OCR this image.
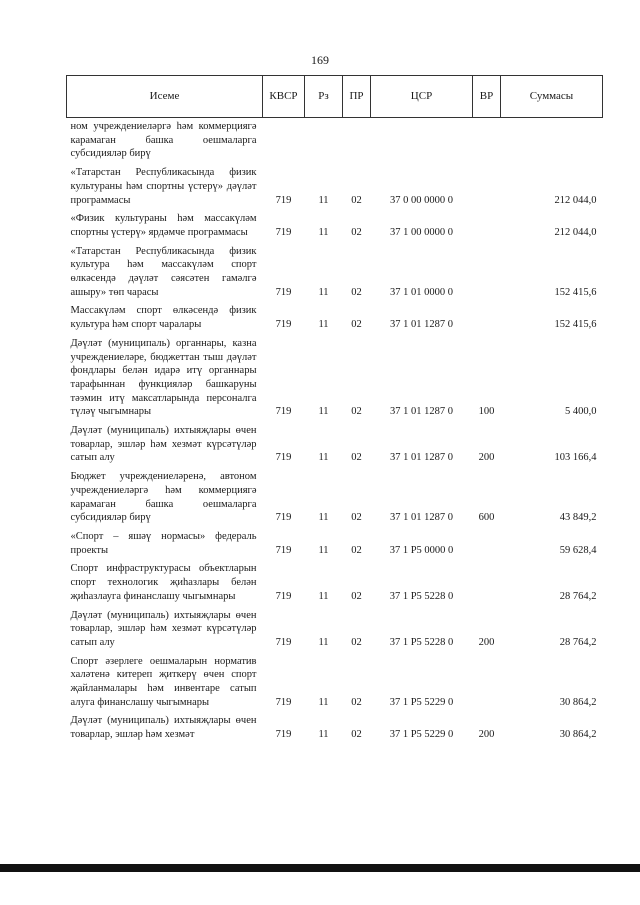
169
Исеме	КВСР	Рз	ПР	ЦСР	ВР	Суммасы
ном учреждениеләргә һәм коммерциягә карамаган башка оешмаларга субсидияләр бирү						
«Татарстан Республикасында физик культураны һәм спортны үстерү» дәүләт программасы	719	11	02	37 0 00 0000 0		212 044,0
«Физик культураны һәм массакүләм спортны үстерү» ярдәмче программасы	719	11	02	37 1 00 0000 0		212 044,0
«Татарстан Республикасында физик культура һәм массакүләм спорт өлкәсендә дәүләт сәясәтен гамәлгә ашыру» төп чарасы	719	11	02	37 1 01 0000 0		152 415,6
Массакүләм спорт өлкәсендә физик культура һәм спорт чаралары	719	11	02	37 1 01 1287 0		152 415,6
Дәүләт (муниципаль) органнары, казна учреждениеләре, бюджеттан тыш дәүләт фондлары белән идарә итү органнары тарафыннан функцияләр башкаруны тәэмин итү максатларында персоналга түләү чыгымнары	719	11	02	37 1 01 1287 0	100	5 400,0
Дәүләт (муниципаль) ихтыяҗлары өчен товарлар, эшләр һәм хезмәт күрсәтүләр сатып алу	719	11	02	37 1 01 1287 0	200	103 166,4
Бюджет учреждениеләренә, автоном учреждениеләргә һәм коммерциягә карамаган башка оешмаларга субсидияләр бирү	719	11	02	37 1 01 1287 0	600	43 849,2
«Спорт – яшәү нормасы» федераль проекты	719	11	02	37 1 P5 0000 0		59 628,4
Спорт инфраструктурасы объектларын спорт технологик җиһазлары белән җиһазлауга финанслашу чыгымнары	719	11	02	37 1 P5 5228 0		28 764,2
Дәүләт (муниципаль) ихтыяҗлары өчен товарлар, эшләр һәм хезмәт күрсәтүләр сатып алу	719	11	02	37 1 P5 5228 0	200	28 764,2
Спорт әзерлеге оешмаларын норматив халәтенә китереп җиткерү өчен спорт җайланмалары һәм инвентаре сатып алуга финанслашу чыгымнары	719	11	02	37 1 P5 5229 0		30 864,2
Дәүләт (муниципаль) ихтыяҗлары өчен товарлар, эшләр һәм хезмәт	719	11	02	37 1 P5 5229 0	200	30 864,2
